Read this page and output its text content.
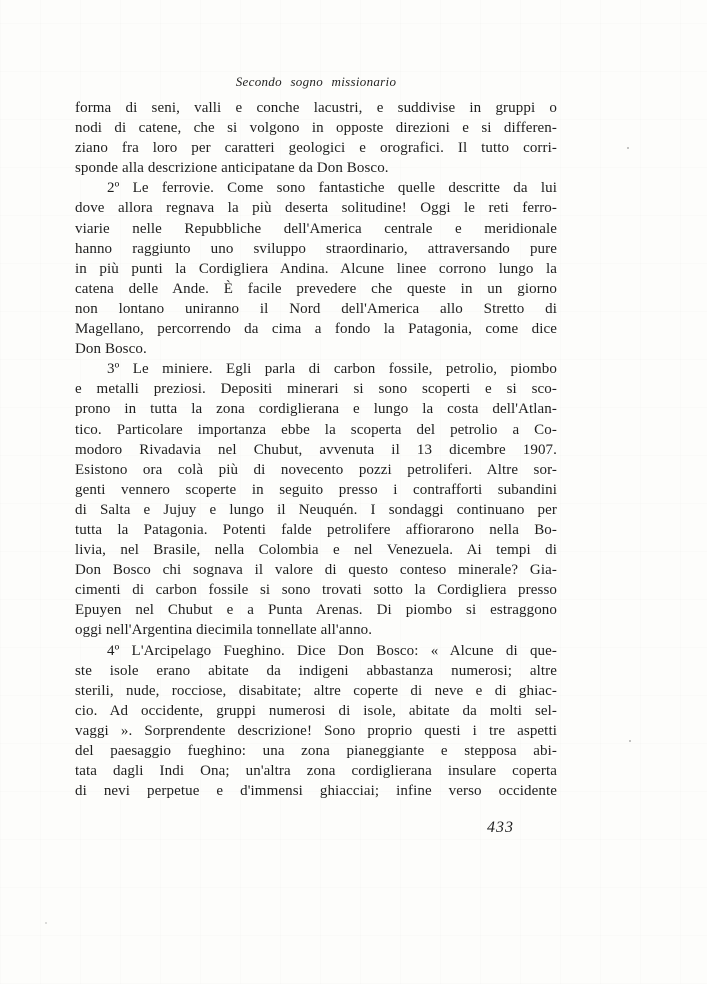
Secondo sogno missionario
forma di seni, valli e conche lacustri, e suddivise in gruppi o
nodi di catene, che si volgono in opposte direzioni e si differen-
ziano fra loro per caratteri geologici e orografici. Il tutto corri-
sponde alla descrizione anticipatane da Don Bosco.
2º Le ferrovie. Come sono fantastiche quelle descritte da lui
dove allora regnava la più deserta solitudine! Oggi le reti ferro-
viarie nelle Repubbliche dell'America centrale e meridionale
hanno raggiunto uno sviluppo straordinario, attraversando pure
in più punti la Cordigliera Andina. Alcune linee corrono lungo la
catena delle Ande. È facile prevedere che queste in un giorno
non lontano uniranno il Nord dell'America allo Stretto di
Magellano, percorrendo da cima a fondo la Patagonia, come dice
Don Bosco.
3º Le miniere. Egli parla di carbon fossile, petrolio, piombo
e metalli preziosi. Depositi minerari si sono scoperti e si sco-
prono in tutta la zona cordiglierana e lungo la costa dell'Atlan-
tico. Particolare importanza ebbe la scoperta del petrolio a Co-
modoro Rivadavia nel Chubut, avvenuta il 13 dicembre 1907.
Esistono ora colà più di novecento pozzi petroliferi. Altre sor-
genti vennero scoperte in seguito presso i contrafforti subandini
di Salta e Jujuy e lungo il Neuquén. I sondaggi continuano per
tutta la Patagonia. Potenti falde petrolifere affiorarono nella Bo-
livia, nel Brasile, nella Colombia e nel Venezuela. Ai tempi di
Don Bosco chi sognava il valore di questo conteso minerale? Gia-
cimenti di carbon fossile si sono trovati sotto la Cordigliera presso
Epuyen nel Chubut e a Punta Arenas. Di piombo si estraggono
oggi nell'Argentina diecimila tonnellate all'anno.
4º L'Arcipelago Fueghino. Dice Don Bosco: « Alcune di que-
ste isole erano abitate da indigeni abbastanza numerosi; altre
sterili, nude, rocciose, disabitate; altre coperte di neve e di ghiac-
cio. Ad occidente, gruppi numerosi di isole, abitate da molti sel-
vaggi ». Sorprendente descrizione! Sono proprio questi i tre aspetti
del paesaggio fueghino: una zona pianeggiante e stepposa abi-
tata dagli Indi Ona; un'altra zona cordiglierana insulare coperta
di nevi perpetue e d'immensi ghiacciai; infine verso occidente
433
